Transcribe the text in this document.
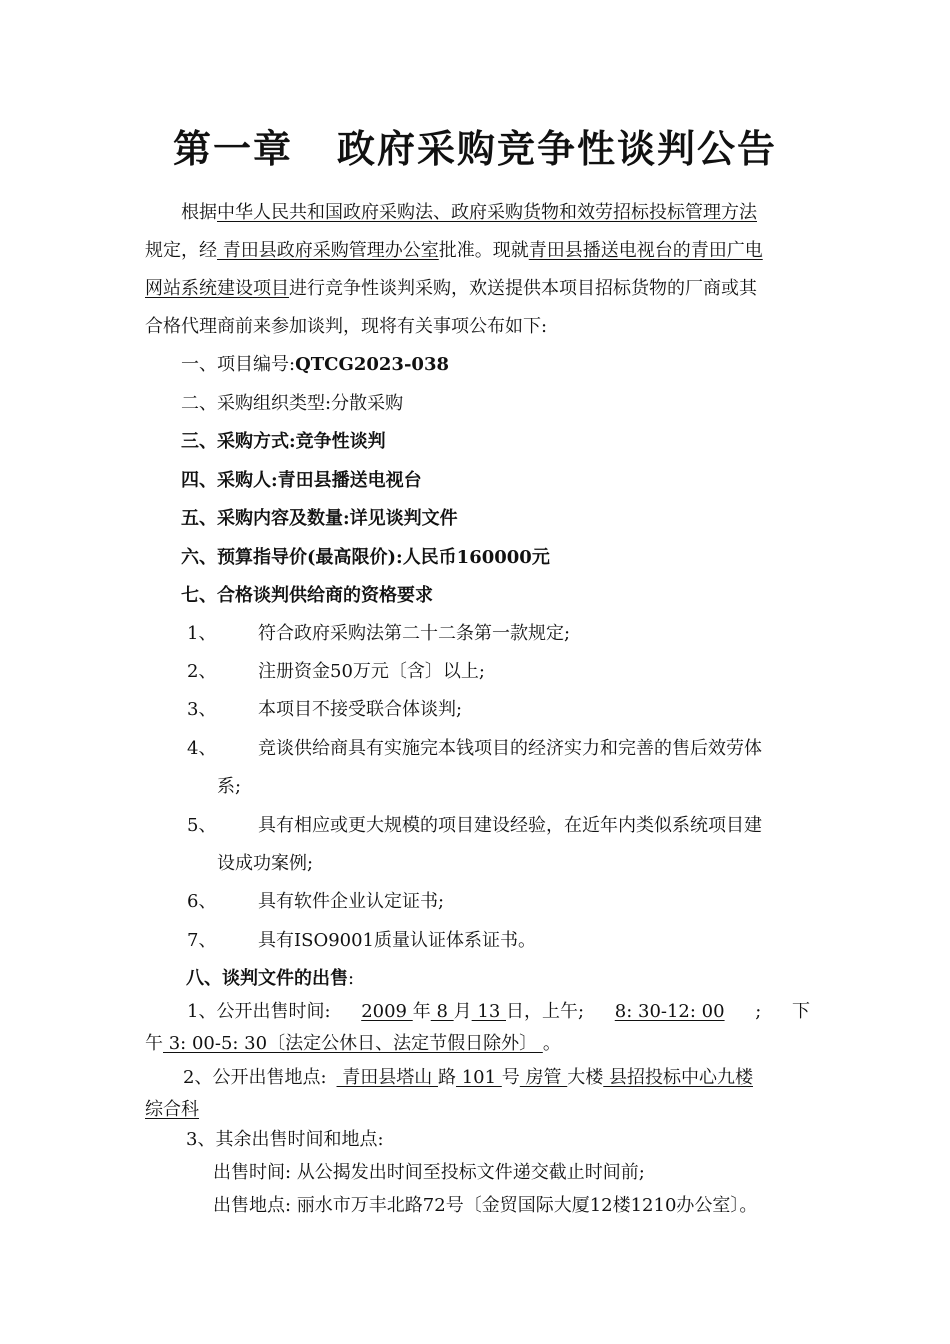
第一章 政府采购竞争性谈判公告
根据中华人民共和国政府采购法、政府采购货物和效劳招标投标管理方法
规定，经 青田县政府采购管理办公室批准。现就青田县播送电视台的青田广电
网站系统建设项目进行竞争性谈判采购，欢送提供本项目招标货物的厂商或其
合格代理商前来参加谈判，现将有关事项公布如下:
一、项目编号:QTCG2023-038
二、采购组织类型:分散采购
三、采购方式:竞争性谈判
四、采购人:青田县播送电视台
五、采购内容及数量:详见谈判文件
六、预算指导价(最高限价):人民币160000元
七、合格谈判供给商的资格要求
1、 符合政府采购法第二十二条第一款规定;
2、 注册资金50万元〔含〕以上;
3、 本项目不接受联合体谈判;
4、 竞谈供给商具有实施完本钱项目的经济实力和完善的售后效劳体
系;
5、 具有相应或更大规模的项目建设经验，在近年内类似系统项目建
设成功案例;
6、 具有软件企业认定证书;
7、 具有ISO9001质量认证体系证书。
八、谈判文件的出售:
1、公开出售时间: 2009 年 8 月 13 日，上午; 8: 30-12: 00 ; 下
午 3: 00-5: 30〔法定公休日、法定节假日除外〕 。
2、公开出售地点: 青田县塔山 路 101 号 房管 大楼 县招投标中心九楼
综合科
3、其余出售时间和地点:
出售时间: 从公揭发出时间至投标文件递交截止时间前;
出售地点: 丽水市万丰北路72号〔金贸国际大厦12楼1210办公室〕。
